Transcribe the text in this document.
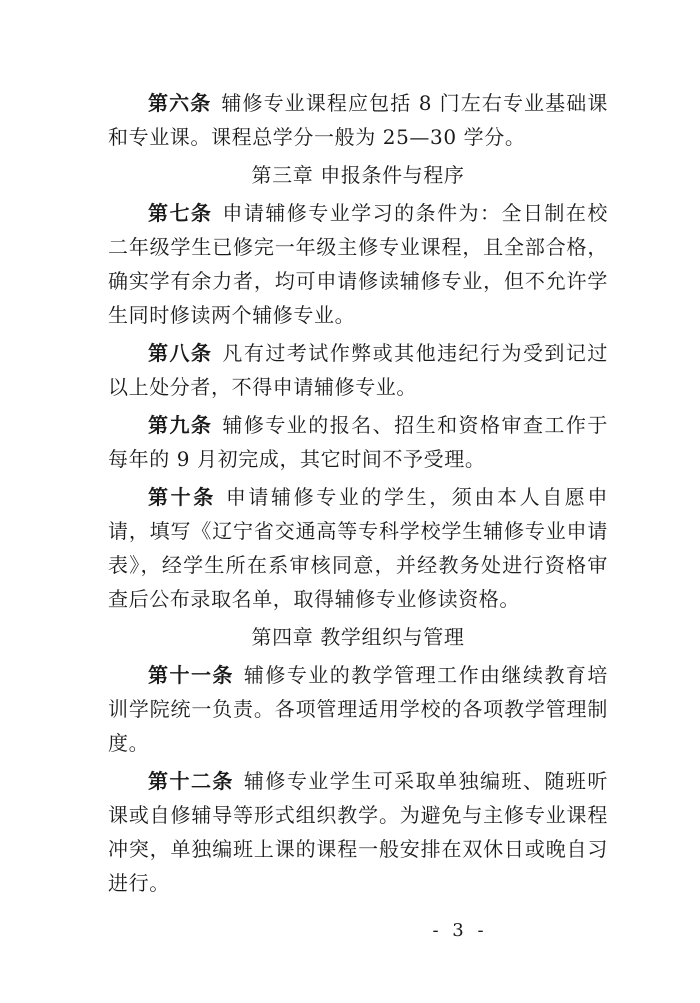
第六条 辅修专业课程应包括 8 门左右专业基础课和专业课。课程总学分一般为 25—30 学分。

第三章 申报条件与程序

第七条 申请辅修专业学习的条件为：全日制在校二年级学生已修完一年级主修专业课程，且全部合格，确实学有余力者，均可申请修读辅修专业，但不允许学生同时修读两个辅修专业。

第八条 凡有过考试作弊或其他违纪行为受到记过以上处分者，不得申请辅修专业。

第九条 辅修专业的报名、招生和资格审查工作于每年的 9 月初完成，其它时间不予受理。

第十条 申请辅修专业的学生，须由本人自愿申请，填写《辽宁省交通高等专科学校学生辅修专业申请表》，经学生所在系审核同意，并经教务处进行资格审查后公布录取名单，取得辅修专业修读资格。

第四章 教学组织与管理

第十一条 辅修专业的教学管理工作由继续教育培训学院统一负责。各项管理适用学校的各项教学管理制度。

第十二条 辅修专业学生可采取单独编班、随班听课或自修辅导等形式组织教学。为避免与主修专业课程冲突，单独编班上课的课程一般安排在双休日或晚自习进行。

- 3 -
